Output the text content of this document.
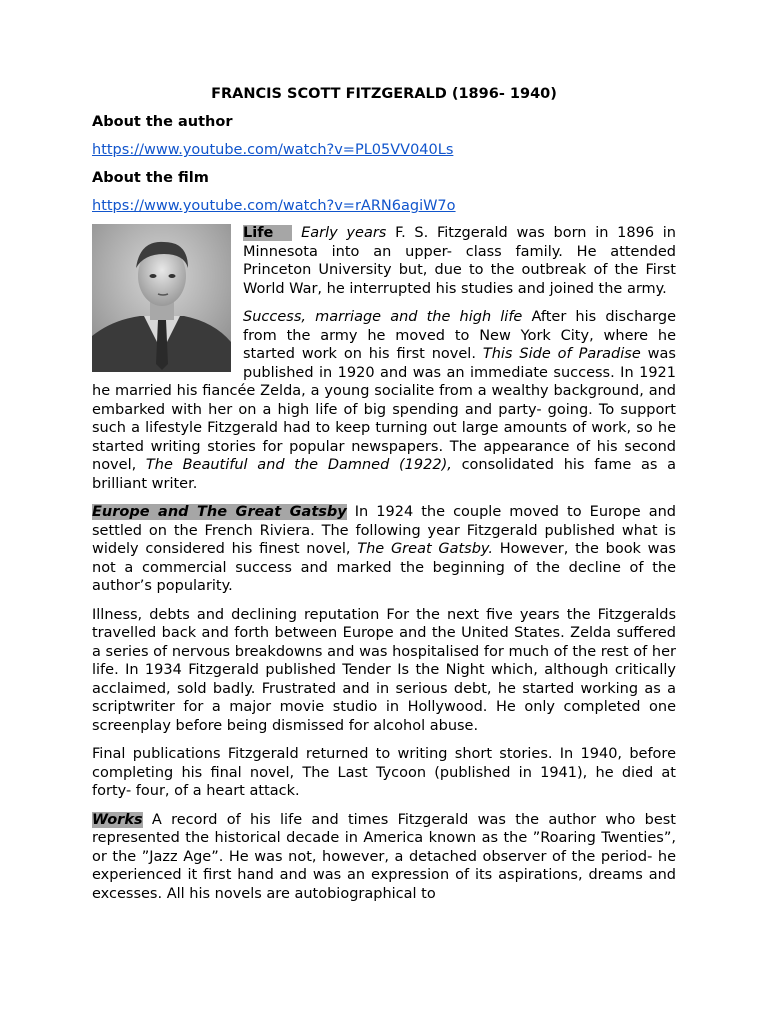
FRANCIS SCOTT FITZGERALD (1896- 1940)
About the author
https://www.youtube.com/watch?v=PL05VV040Ls
About the film
https://www.youtube.com/watch?v=rARN6agiW7o

Life Early years F. S. Fitzgerald was born in 1896 in Minnesota into an upper- class family. He attended Princeton University but, due to the outbreak of the First World War, he interrupted his studies and joined the army.

Success, marriage and the high life After his discharge from the army he moved to New York City, where he started work on his first novel. This Side of Paradise was published in 1920 and was an immediate success. In 1921 he married his fiancée Zelda, a young socialite from a wealthy background, and embarked with her on a high life of big spending and party- going. To support such a lifestyle Fitzgerald had to keep turning out large amounts of work, so he started writing stories for popular newspapers. The appearance of his second novel, The Beautiful and the Damned (1922), consolidated his fame as a brilliant writer.

Europe and The Great Gatsby In 1924 the couple moved to Europe and settled on the French Riviera. The following year Fitzgerald published what is widely considered his finest novel, The Great Gatsby. However, the book was not a commercial success and marked the beginning of the decline of the author’s popularity.

Illness, debts and declining reputation For the next five years the Fitzgeralds travelled back and forth between Europe and the United States. Zelda suffered a series of nervous breakdowns and was hospitalised for much of the rest of her life. In 1934 Fitzgerald published Tender Is the Night which, although critically acclaimed, sold badly. Frustrated and in serious debt, he started working as a scriptwriter for a major movie studio in Hollywood. He only completed one screenplay before being dismissed for alcohol abuse.

Final publications Fitzgerald returned to writing short stories. In 1940, before completing his final novel, The Last Tycoon (published in 1941), he died at forty- four, of a heart attack.

Works A record of his life and times Fitzgerald was the author who best represented the historical decade in America known as the ”Roaring Twenties”, or the ”Jazz Age”. He was not, however, a detached observer of the period- he experienced it first hand and was an expression of its aspirations, dreams and excesses. All his novels are autobiographical to
